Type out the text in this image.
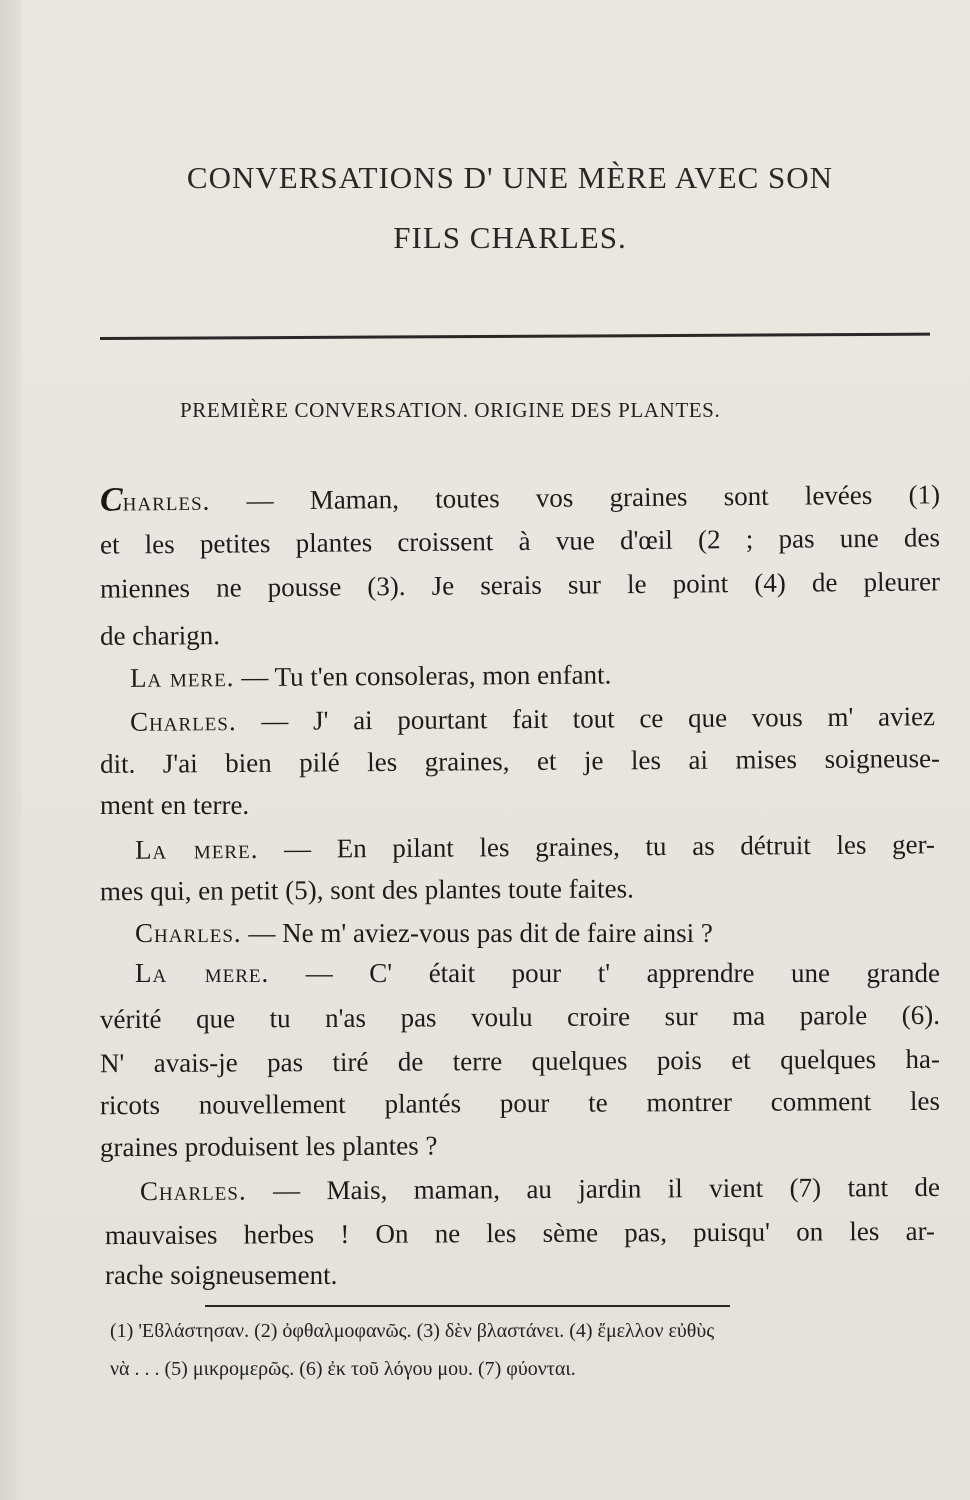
CONVERSATIONS D' UNE MÈRE AVEC SON
FILS CHARLES.
PREMIÈRE CONVERSATION. ORIGINE DES PLANTES.
Charles. — Maman, toutes vos graines sont levées (1)
et les petites plantes croissent à vue d'œil (2 ; pas une des
miennes ne pousse (3). Je serais sur le point (4) de pleurer
de charign.
La mere. — Tu t'en consoleras, mon enfant.
Charles. — J' ai pourtant fait tout ce que vous m' aviez
dit. J'ai bien pilé les graines, et je les ai mises soigneuse-
ment en terre.
La mere. — En pilant les graines, tu as détruit les ger-
mes qui, en petit (5), sont des plantes toute faites.
Charles. — Ne m' aviez-vous pas dit de faire ainsi ?
La mere. — C' était pour t' apprendre une grande
vérité que tu n'as pas voulu croire sur ma parole (6).
N' avais-je pas tiré de terre quelques pois et quelques ha-
ricots nouvellement plantés pour te montrer comment les
graines produisent les plantes ?
Charles. — Mais, maman, au jardin il vient (7) tant de
mauvaises herbes ! On ne les sème pas, puisqu' on les ar-
rache soigneusement.
(1) 'Εϐλάστησαν. (2) ὀφθαλμοφανῶς. (3) δὲν βλαστάνει. (4) ἔμελλον εὐθὺς
νὰ . . . (5) μικρομερῶς. (6) ἐκ τοῦ λόγου μου. (7) φύονται.
